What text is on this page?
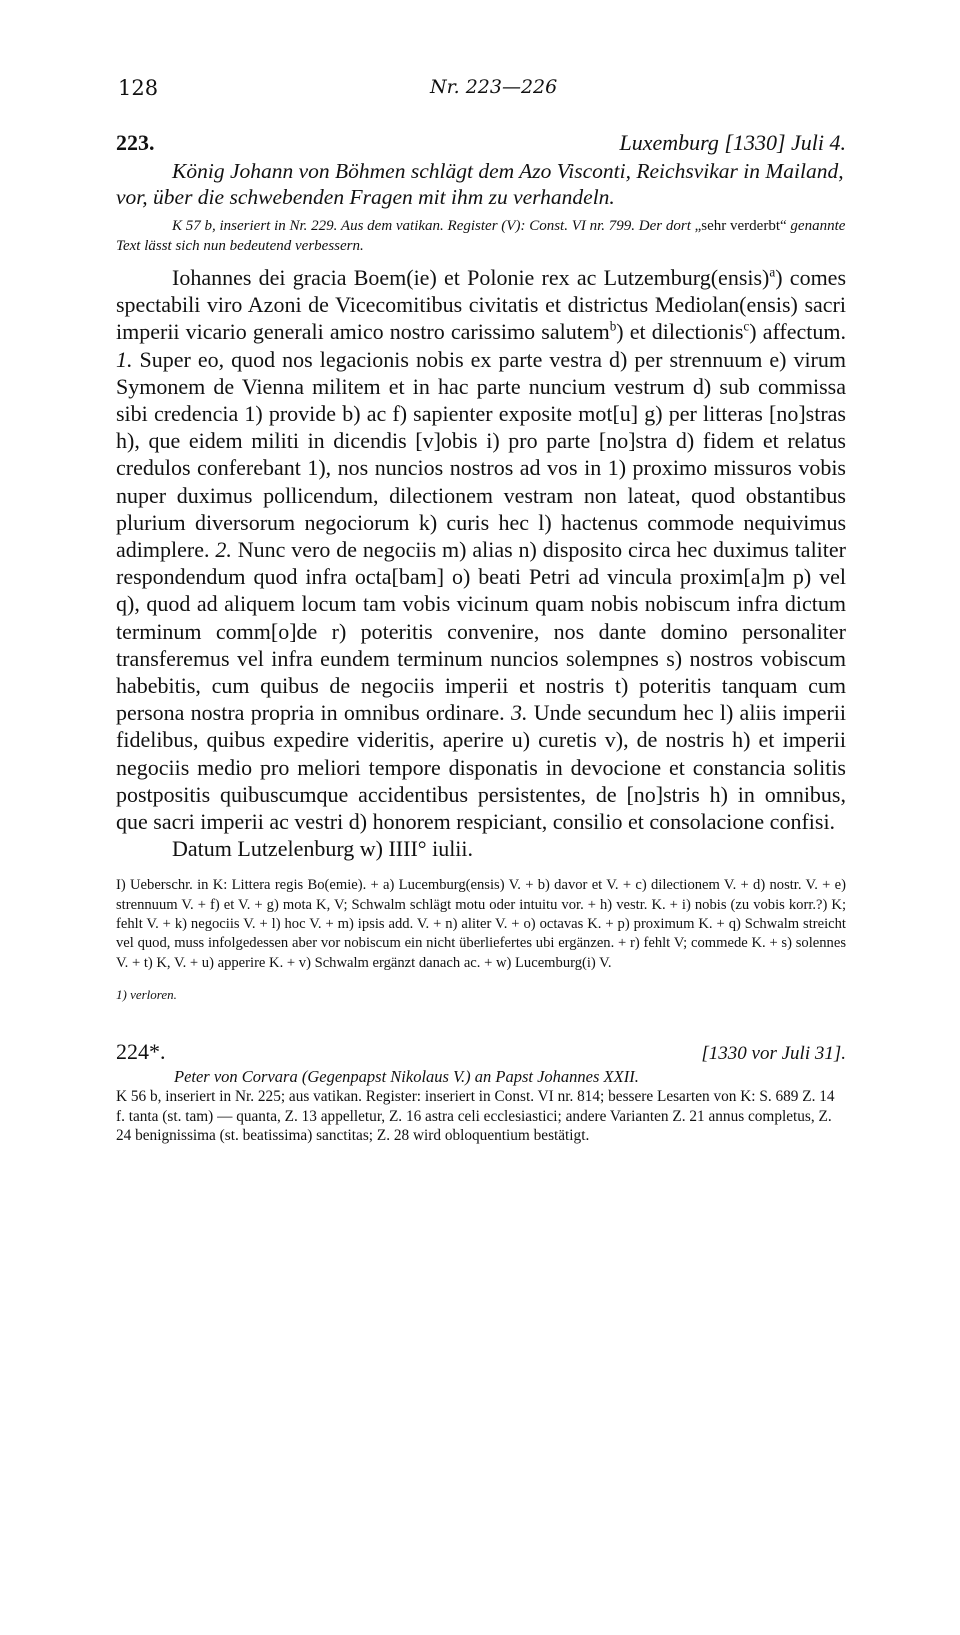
128	Nr. 223—226
223.	Luxemburg [1330] Juli 4.

König Johann von Böhmen schlägt dem Azo Visconti, Reichsvikar in Mailand, vor, über die schwebenden Fragen mit ihm zu verhandeln.

K 57 b, inseriert in Nr. 229. Aus dem vatikan. Register (V): Const. VI nr. 799. Der dort „sehr verderbt“ genannte Text lässt sich nun bedeutend verbessern.

Iohannes dei gracia Boem(ie) et Polonie rex ac Lutzemburg(ensis)$^a$) comes spectabili viro Azoni de Vicecomitibus civitatis et districtus Mediolan(ensis) sacri imperii vicario generali amico nostro carissimo salutem$^b$) et dilectionis$^c$) affectum. 1. Super eo, quod nos legacionis nobis ex parte vestra d) per strennuum e) virum Symonem de Vienna militem et in hac parte nuncium vestrum d) sub commissa sibi credencia 1) provide b) ac f) sapienter exposite mot[u] g) per litteras [no]stras h), que eidem militi in dicendis [v]obis i) pro parte [no]stra d) fidem et relatus credulos conferebant 1), nos nuncios nostros ad vos in 1) proximo missuros vobis nuper duximus pollicendum, dilectionem vestram non lateat, quod obstantibus plurium diversorum negociorum k) curis hec l) hactenus commode nequivimus adimplere. 2. Nunc vero de negociis m) alias n) disposito circa hec duximus taliter respondendum quod infra octa[bam] o) beati Petri ad vincula proxim[a]m p) vel q), quod ad aliquem locum tam vobis vicinum quam nobis nobiscum infra dictum terminum comm[o]de r) poteritis convenire, nos dante domino personaliter transferemus vel infra eundem terminum nuncios solempnes s) nostros vobiscum habebitis, cum quibus de negociis imperii et nostris t) poteritis tanquam cum persona nostra propria in omnibus ordinare. 3. Unde secundum hec l) aliis imperii fidelibus, quibus expedire videritis, aperire u) curetis v), de nostris h) et imperii negociis medio pro meliori tempore disponatis in devocione et constancia solitis postpositis quibuscumque accidentibus persistentes, de [no]stris h) in omnibus, que sacri imperii ac vestri d) honorem respiciant, consilio et consolacione confisi.

Datum Lutzelenburg w) IIII° iulii.

I) Ueberschr. in K: Littera regis Bo(emie). + a) Lucemburg(ensis) V. + b) davor et V. + c) dilectionem V. + d) nostr. V. + e) strennuum V. + f) et V. + g) mota K, V; Schwalm schlägt motu oder intuitu vor. + h) vestr. K. + i) nobis (zu vobis korr.?) K; fehlt V. + k) negociis V. + l) hoc V. + m) ipsis add. V. + n) aliter V. + o) octavas K. + p) proximum K. + q) Schwalm streicht vel quod, muss infolgedessen aber vor nobiscum ein nicht überliefertes ubi ergänzen. + r) fehlt V; commede K. + s) solennes V. + t) K, V. + u) apperire K. + v) Schwalm ergänzt danach ac. + w) Lucemburg(i) V.

1) verloren.

224*.	[1330 vor Juli 31].

Peter von Corvara (Gegenpapst Nikolaus V.) an Papst Johannes XXII.

K 56 b, inseriert in Nr. 225; aus vatikan. Register: inseriert in Const. VI nr. 814; bessere Lesarten von K: S. 689 Z. 14 f. tanta (st. tam) — quanta, Z. 13 appelletur, Z. 16 astra celi ecclesiastici; andere Varianten Z. 21 annus completus, Z. 24 benignissima (st. beatissima) sanctitas; Z. 28 wird obloquentium bestätigt.
